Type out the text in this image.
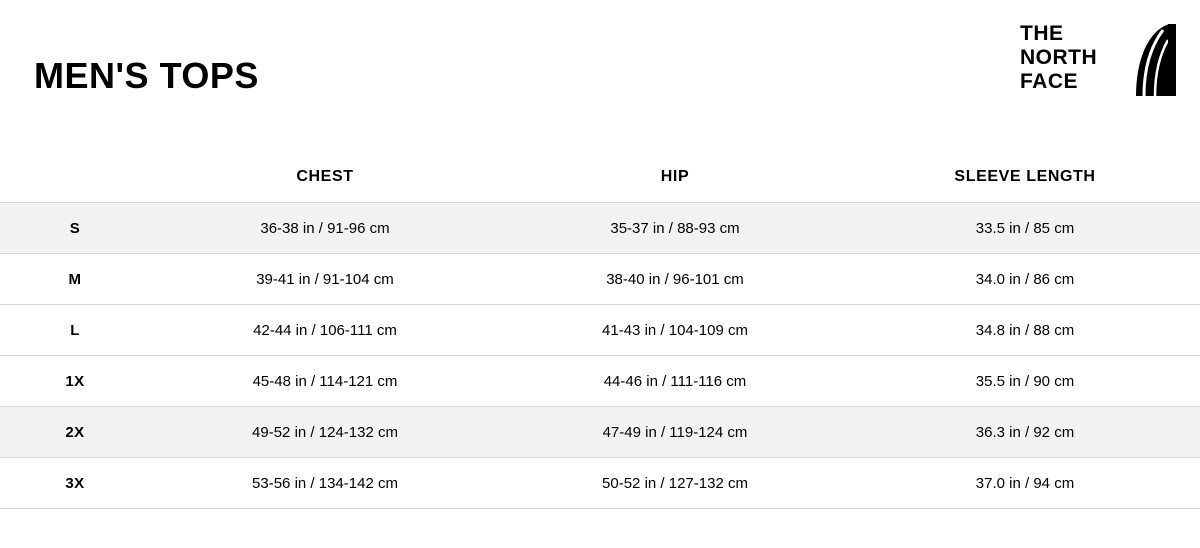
MEN'S TOPS
THE
NORTH
FACE
	CHEST	HIP	SLEEVE LENGTH
S	36-38 in / 91-96 cm	35-37 in / 88-93 cm	33.5 in / 85 cm
M	39-41 in / 91-104 cm	38-40 in / 96-101 cm	34.0 in / 86 cm
L	42-44 in / 106-111 cm	41-43 in / 104-109 cm	34.8 in / 88 cm
1X	45-48 in / 114-121 cm	44-46 in / 111-116 cm	35.5 in / 90 cm
2X	49-52 in / 124-132 cm	47-49 in / 119-124 cm	36.3 in / 92 cm
3X	53-56 in / 134-142 cm	50-52 in / 127-132 cm	37.0 in / 94 cm
